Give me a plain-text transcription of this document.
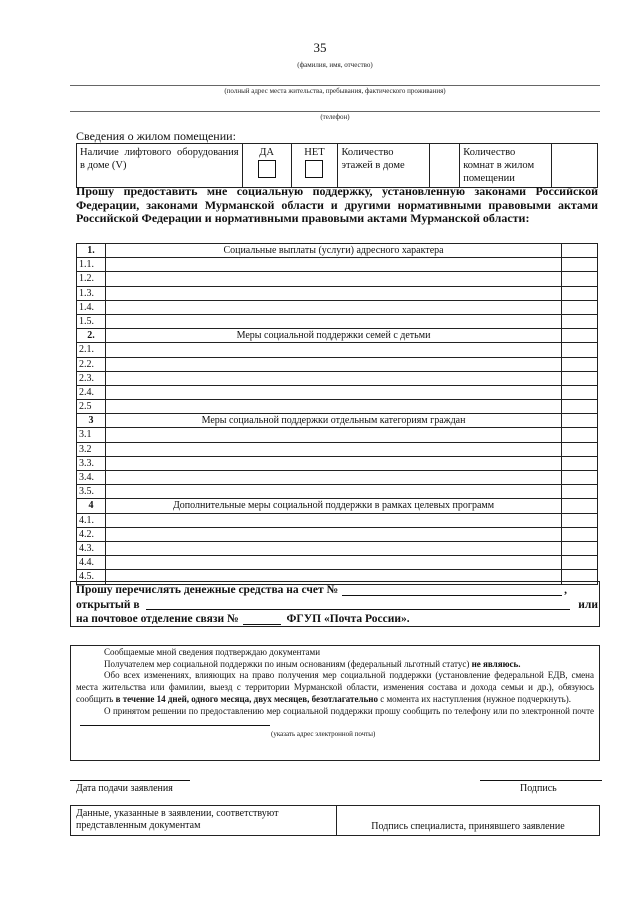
35
(фамилия, имя, отчество)
(полный адрес места жительства, пребывания, фактического проживания)
(телефон)
Сведения о жилом помещении:
Наличие лифтового оборудования в доме (V)	
ДА	НЕТ	Количество этажей в доме		Количество комнат в жилом помещении	
Прошу предоставить мне социальную поддержку, установленную законами Российской Федерации, законами Мурманской области и другими нормативными правовыми актами Российской Федерации и нормативными правовыми актами Мурманской области:
1.	Социальные выплаты (услуги) адресного характера	
1.1.		
1.2.		
1.3.		
1.4.		
1.5.		
2.	Меры социальной поддержки семей с детьми	
2.1.		
2.2.		
2.3.		
2.4.		
2.5		
3	Меры социальной поддержки отдельным категориям граждан	
3.1		
3.2		
3.3.		
3.4.		
3.5.		
4	Дополнительные меры социальной поддержки в рамках целевых программ	
4.1.		
4.2.		
4.3.		
4.4.		
4.5.		
Прошу перечислять денежные средства на счет №	,
открытый в	или
на почтовое отделение связи №	ФГУП «Почта России».

Сообщаемые мной сведения подтверждаю документами

Получателем мер социальной поддержки по иным основаниям (федеральный льготный статус) не являюсь.

Обо всех изменениях, влияющих на право получения мер социальной поддержки (установление федеральной ЕДВ, смена места жительства или фамилии, выезд с территории Мурманской области, изменения состава и дохода семьи и др.), обязуюсь сообщить в течение 14 дней, одного месяца, двух месяцев, безотлагательно с момента их наступления (нужное подчеркнуть).

О принятом решении по предоставлению мер социальной поддержки прошу сообщить по телефону или по электронной почте

(указать адрес электронной почты)
Дата подачи заявления	Подпись
Данные, указанные в заявлении, соответствуют представленным документам	Подпись специалиста, принявшего заявление
